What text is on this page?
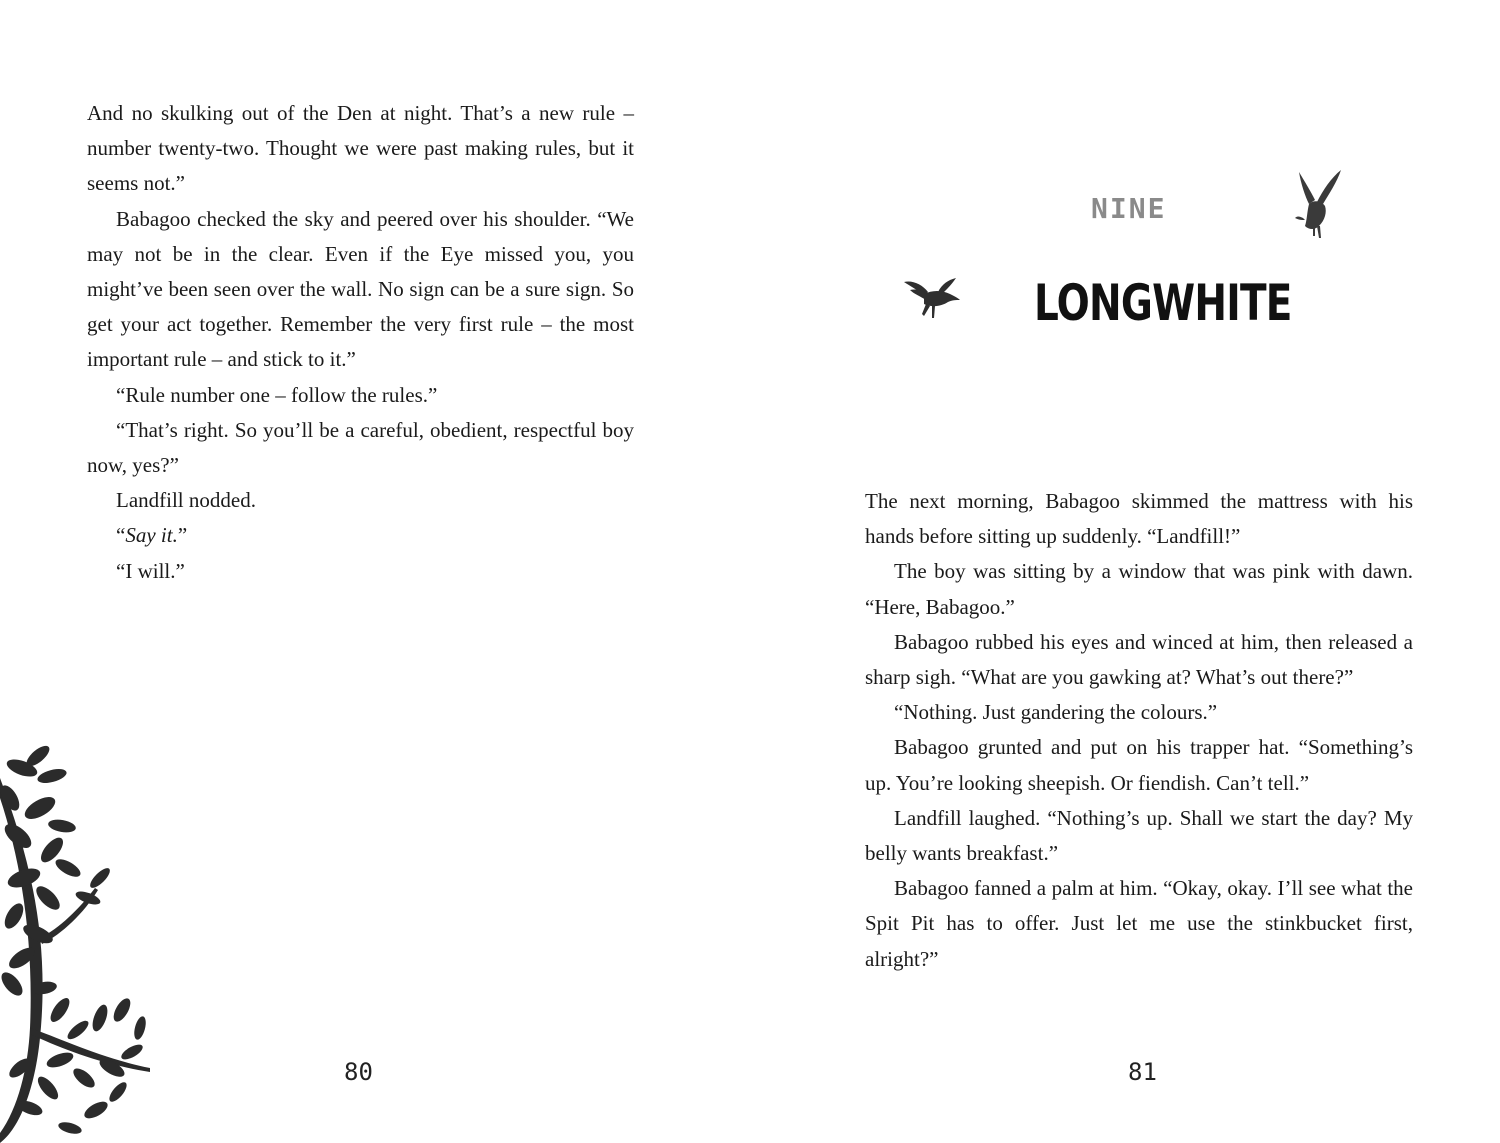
And no skulking out of the Den at night. That’s a new rule – number twenty-two. Thought we were past making rules, but it seems not.”

Babagoo checked the sky and peered over his shoulder. “We may not be in the clear. Even if the Eye missed you, you might’ve been seen over the wall. No sign can be a sure sign. So get your act together. Remember the very first rule – the most important rule – and stick to it.”

“Rule number one – follow the rules.”

“That’s right. So you’ll be a careful, obedient, respectful boy now, yes?”

Landfill nodded.

“Say it.”

“I will.”

80
NINE
LONGWHITE

The next morning, Babagoo skimmed the mattress with his hands before sitting up suddenly. “Landfill!”

The boy was sitting by a window that was pink with dawn. “Here, Babagoo.”

Babagoo rubbed his eyes and winced at him, then released a sharp sigh. “What are you gawking at? What’s out there?”

“Nothing. Just gandering the colours.”

Babagoo grunted and put on his trapper hat. “Something’s up. You’re looking sheepish. Or fiendish. Can’t tell.”

Landfill laughed. “Nothing’s up. Shall we start the day? My belly wants breakfast.”

Babagoo fanned a palm at him. “Okay, okay. I’ll see what the Spit Pit has to offer. Just let me use the stinkbucket first, alright?”

81
